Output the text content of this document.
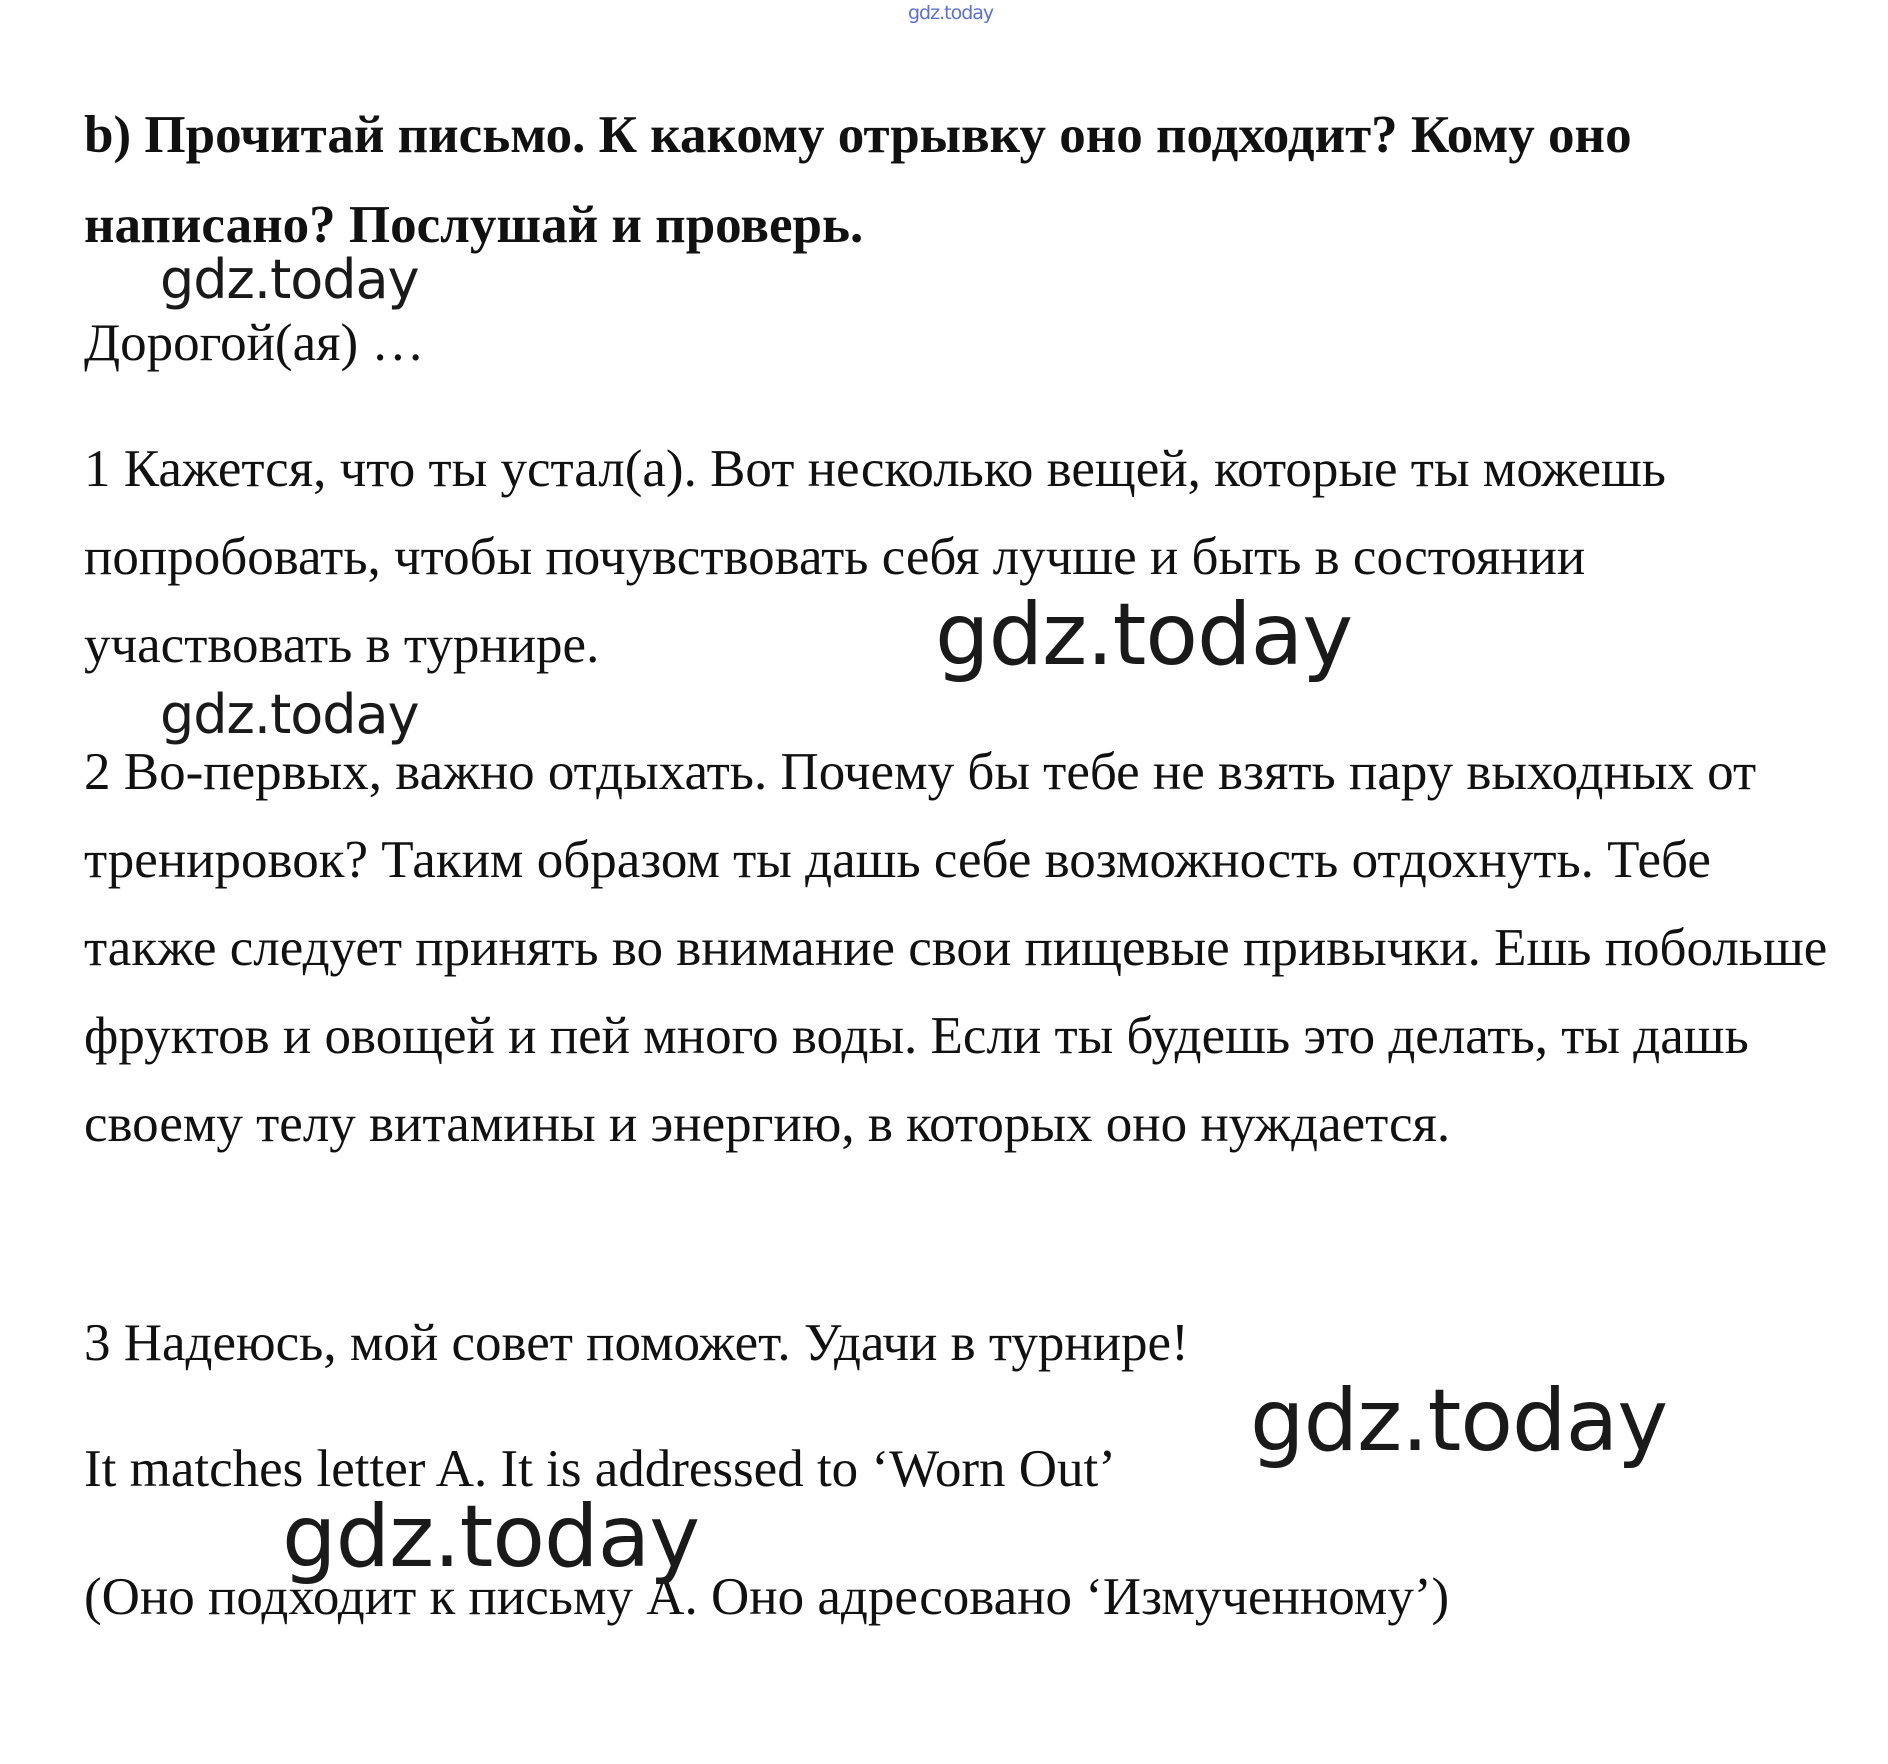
gdz.today

b) Прочитай письмо. К какому отрывку оно подходит? Кому оно написано? Послушай и проверь.

Дорогой(ая) …

1 Кажется, что ты устал(а). Вот несколько вещей, которые ты можешь попробовать, чтобы почувствовать себя лучше и быть в состоянии участвовать в турнире.

2 Во-первых, важно отдыхать. Почему бы тебе не взять пару выходных от тренировок? Таким образом ты дашь себе возможность отдохнуть. Тебе также следует принять во внимание свои пищевые привычки. Ешь побольше фруктов и овощей и пей много воды. Если ты будешь это делать, ты дашь своему телу витамины и энергию, в которых оно нуждается.

3 Надеюсь, мой совет поможет. Удачи в турнире!

It matches letter A. It is addressed to ‘Worn Out’

(Оно подходит к письму А. Оно адресовано ‘Измученному’)

gdz.today
gdz.today
gdz.today
gdz.today
gdz.today
